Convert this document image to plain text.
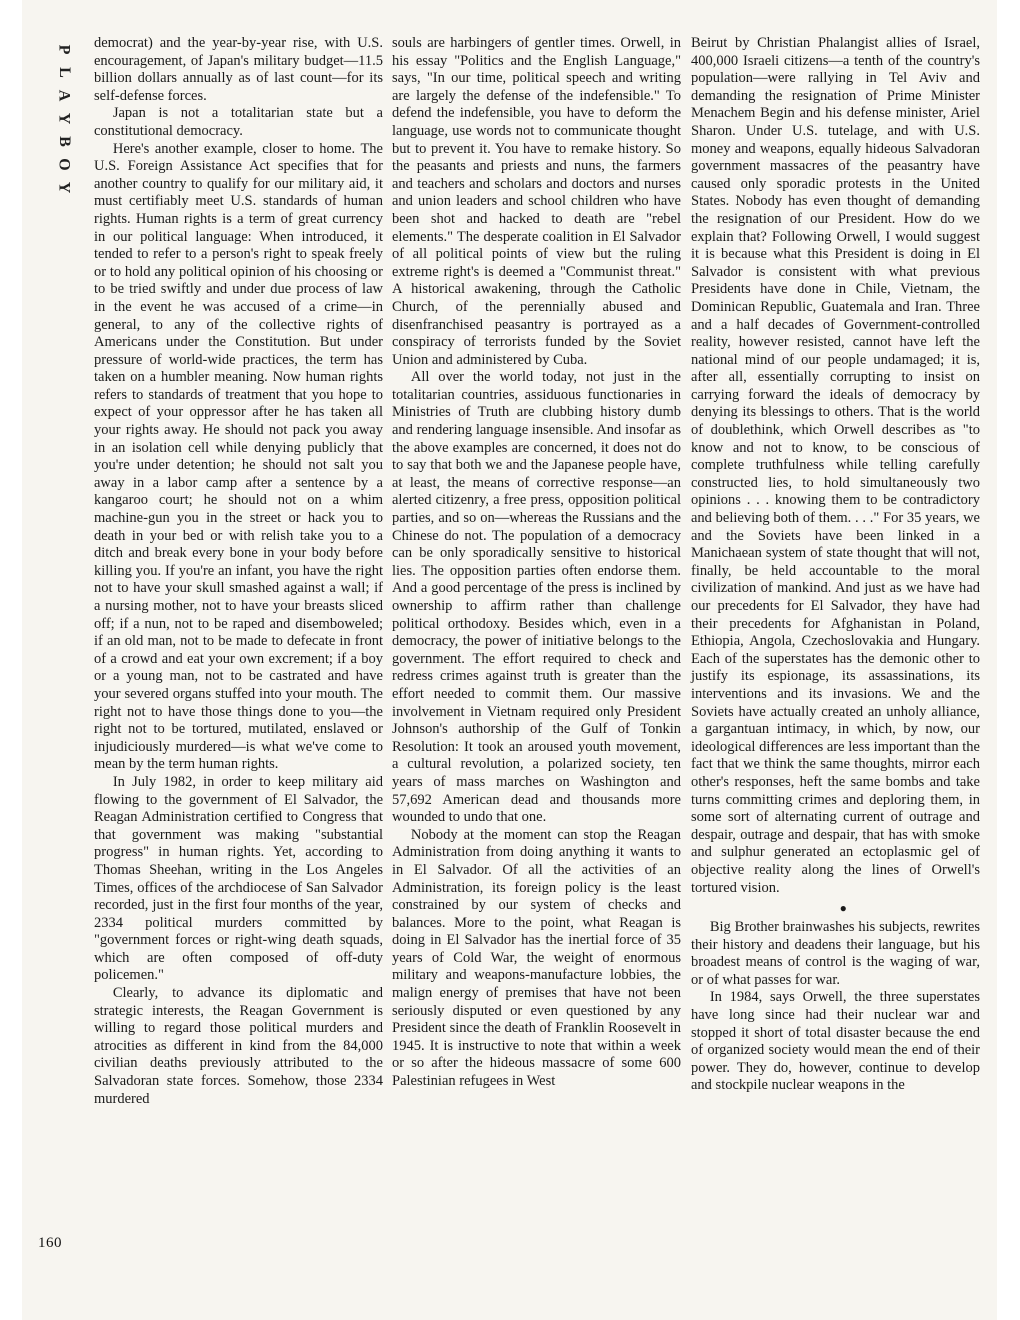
P
L
A
Y
B
O
Y
160

democrat) and the year-by-year rise, with U.S. encouragement, of Japan's military budget—11.5 billion dollars annually as of last count—for its self-defense forces.

Japan is not a totalitarian state but a constitutional democracy.

Here's another example, closer to home. The U.S. Foreign Assistance Act specifies that for another country to qualify for our military aid, it must certifiably meet U.S. standards of human rights. Human rights is a term of great currency in our political language: When introduced, it tended to refer to a person's right to speak freely or to hold any political opinion of his choosing or to be tried swiftly and under due process of law in the event he was accused of a crime—in general, to any of the collective rights of Americans under the Constitution. But under pressure of world-wide practices, the term has taken on a humbler meaning. Now human rights refers to standards of treatment that you hope to expect of your oppressor after he has taken all your rights away. He should not pack you away in an isolation cell while denying publicly that you're under detention; he should not salt you away in a labor camp after a sentence by a kangaroo court; he should not on a whim machine-gun you in the street or hack you to death in your bed or with relish take you to a ditch and break every bone in your body before killing you. If you're an infant, you have the right not to have your skull smashed against a wall; if a nursing mother, not to have your breasts sliced off; if a nun, not to be raped and disemboweled; if an old man, not to be made to defecate in front of a crowd and eat your own excrement; if a boy or a young man, not to be castrated and have your severed organs stuffed into your mouth. The right not to have those things done to you—the right not to be tortured, mutilated, enslaved or injudiciously murdered—is what we've come to mean by the term human rights.

In July 1982, in order to keep military aid flowing to the government of El Salvador, the Reagan Administration certified to Congress that that government was making "substantial progress" in human rights. Yet, according to Thomas Sheehan, writing in the Los Angeles Times, offices of the archdiocese of San Salvador recorded, just in the first four months of the year, 2334 political murders committed by "government forces or right-wing death squads, which are often composed of off-duty policemen."

Clearly, to advance its diplomatic and strategic interests, the Reagan Government is willing to regard those political murders and atrocities as different in kind from the 84,000 civilian deaths previously attributed to the Salvadoran state forces. Somehow, those 2334 murdered

souls are harbingers of gentler times. Orwell, in his essay "Politics and the English Language," says, "In our time, political speech and writing are largely the defense of the indefensible." To defend the indefensible, you have to deform the language, use words not to communicate thought but to prevent it. You have to remake history. So the peasants and priests and nuns, the farmers and teachers and scholars and doctors and nurses and union leaders and school children who have been shot and hacked to death are "rebel elements." The desperate coalition in El Salvador of all political points of view but the ruling extreme right's is deemed a "Communist threat." A historical awakening, through the Catholic Church, of the perennially abused and disenfranchised peasantry is portrayed as a conspiracy of terrorists funded by the Soviet Union and administered by Cuba.

All over the world today, not just in the totalitarian countries, assiduous functionaries in Ministries of Truth are clubbing history dumb and rendering language insensible. And insofar as the above examples are concerned, it does not do to say that both we and the Japanese people have, at least, the means of corrective response—an alerted citizenry, a free press, opposition political parties, and so on—whereas the Russians and the Chinese do not. The population of a democracy can be only sporadically sensitive to historical lies. The opposition parties often endorse them. And a good percentage of the press is inclined by ownership to affirm rather than challenge political orthodoxy. Besides which, even in a democracy, the power of initiative belongs to the government. The effort required to check and redress crimes against truth is greater than the effort needed to commit them. Our massive involvement in Vietnam required only President Johnson's authorship of the Gulf of Tonkin Resolution: It took an aroused youth movement, a cultural revolution, a polarized society, ten years of mass marches on Washington and 57,692 American dead and thousands more wounded to undo that one.

Nobody at the moment can stop the Reagan Administration from doing anything it wants to in El Salvador. Of all the activities of an Administration, its foreign policy is the least constrained by our system of checks and balances. More to the point, what Reagan is doing in El Salvador has the inertial force of 35 years of Cold War, the weight of enormous military and weapons-manufacture lobbies, the malign energy of premises that have not been seriously disputed or even questioned by any President since the death of Franklin Roosevelt in 1945. It is instructive to note that within a week or so after the hideous massacre of some 600 Palestinian refugees in West

Beirut by Christian Phalangist allies of Israel, 400,000 Israeli citizens—a tenth of the country's population—were rallying in Tel Aviv and demanding the resignation of Prime Minister Menachem Begin and his defense minister, Ariel Sharon. Under U.S. tutelage, and with U.S. money and weapons, equally hideous Salvadoran government massacres of the peasantry have caused only sporadic protests in the United States. Nobody has even thought of demanding the resignation of our President. How do we explain that? Following Orwell, I would suggest it is because what this President is doing in El Salvador is consistent with what previous Presidents have done in Chile, Vietnam, the Dominican Republic, Guatemala and Iran. Three and a half decades of Government-controlled reality, however resisted, cannot have left the national mind of our people undamaged; it is, after all, essentially corrupting to insist on carrying forward the ideals of democracy by denying its blessings to others. That is the world of doublethink, which Orwell describes as "to know and not to know, to be conscious of complete truthfulness while telling carefully constructed lies, to hold simultaneously two opinions . . . knowing them to be contradictory and believing both of them. . . ." For 35 years, we and the Soviets have been linked in a Manichaean system of state thought that will not, finally, be held accountable to the moral civilization of mankind. And just as we have had our precedents for El Salvador, they have had their precedents for Afghanistan in Poland, Ethiopia, Angola, Czechoslovakia and Hungary. Each of the superstates has the demonic other to justify its espionage, its assassinations, its interventions and its invasions. We and the Soviets have actually created an unholy alliance, a gargantuan intimacy, in which, by now, our ideological differences are less important than the fact that we think the same thoughts, mirror each other's responses, heft the same bombs and take turns committing crimes and deploring them, in some sort of alternating current of outrage and despair, outrage and despair, that has with smoke and sulphur generated an ectoplasmic gel of objective reality along the lines of Orwell's tortured vision.

●

Big Brother brainwashes his subjects, rewrites their history and deadens their language, but his broadest means of control is the waging of war, or of what passes for war.

In 1984, says Orwell, the three superstates have long since had their nuclear war and stopped it short of total disaster because the end of organized society would mean the end of their power. They do, however, continue to develop and stockpile nuclear weapons in the
